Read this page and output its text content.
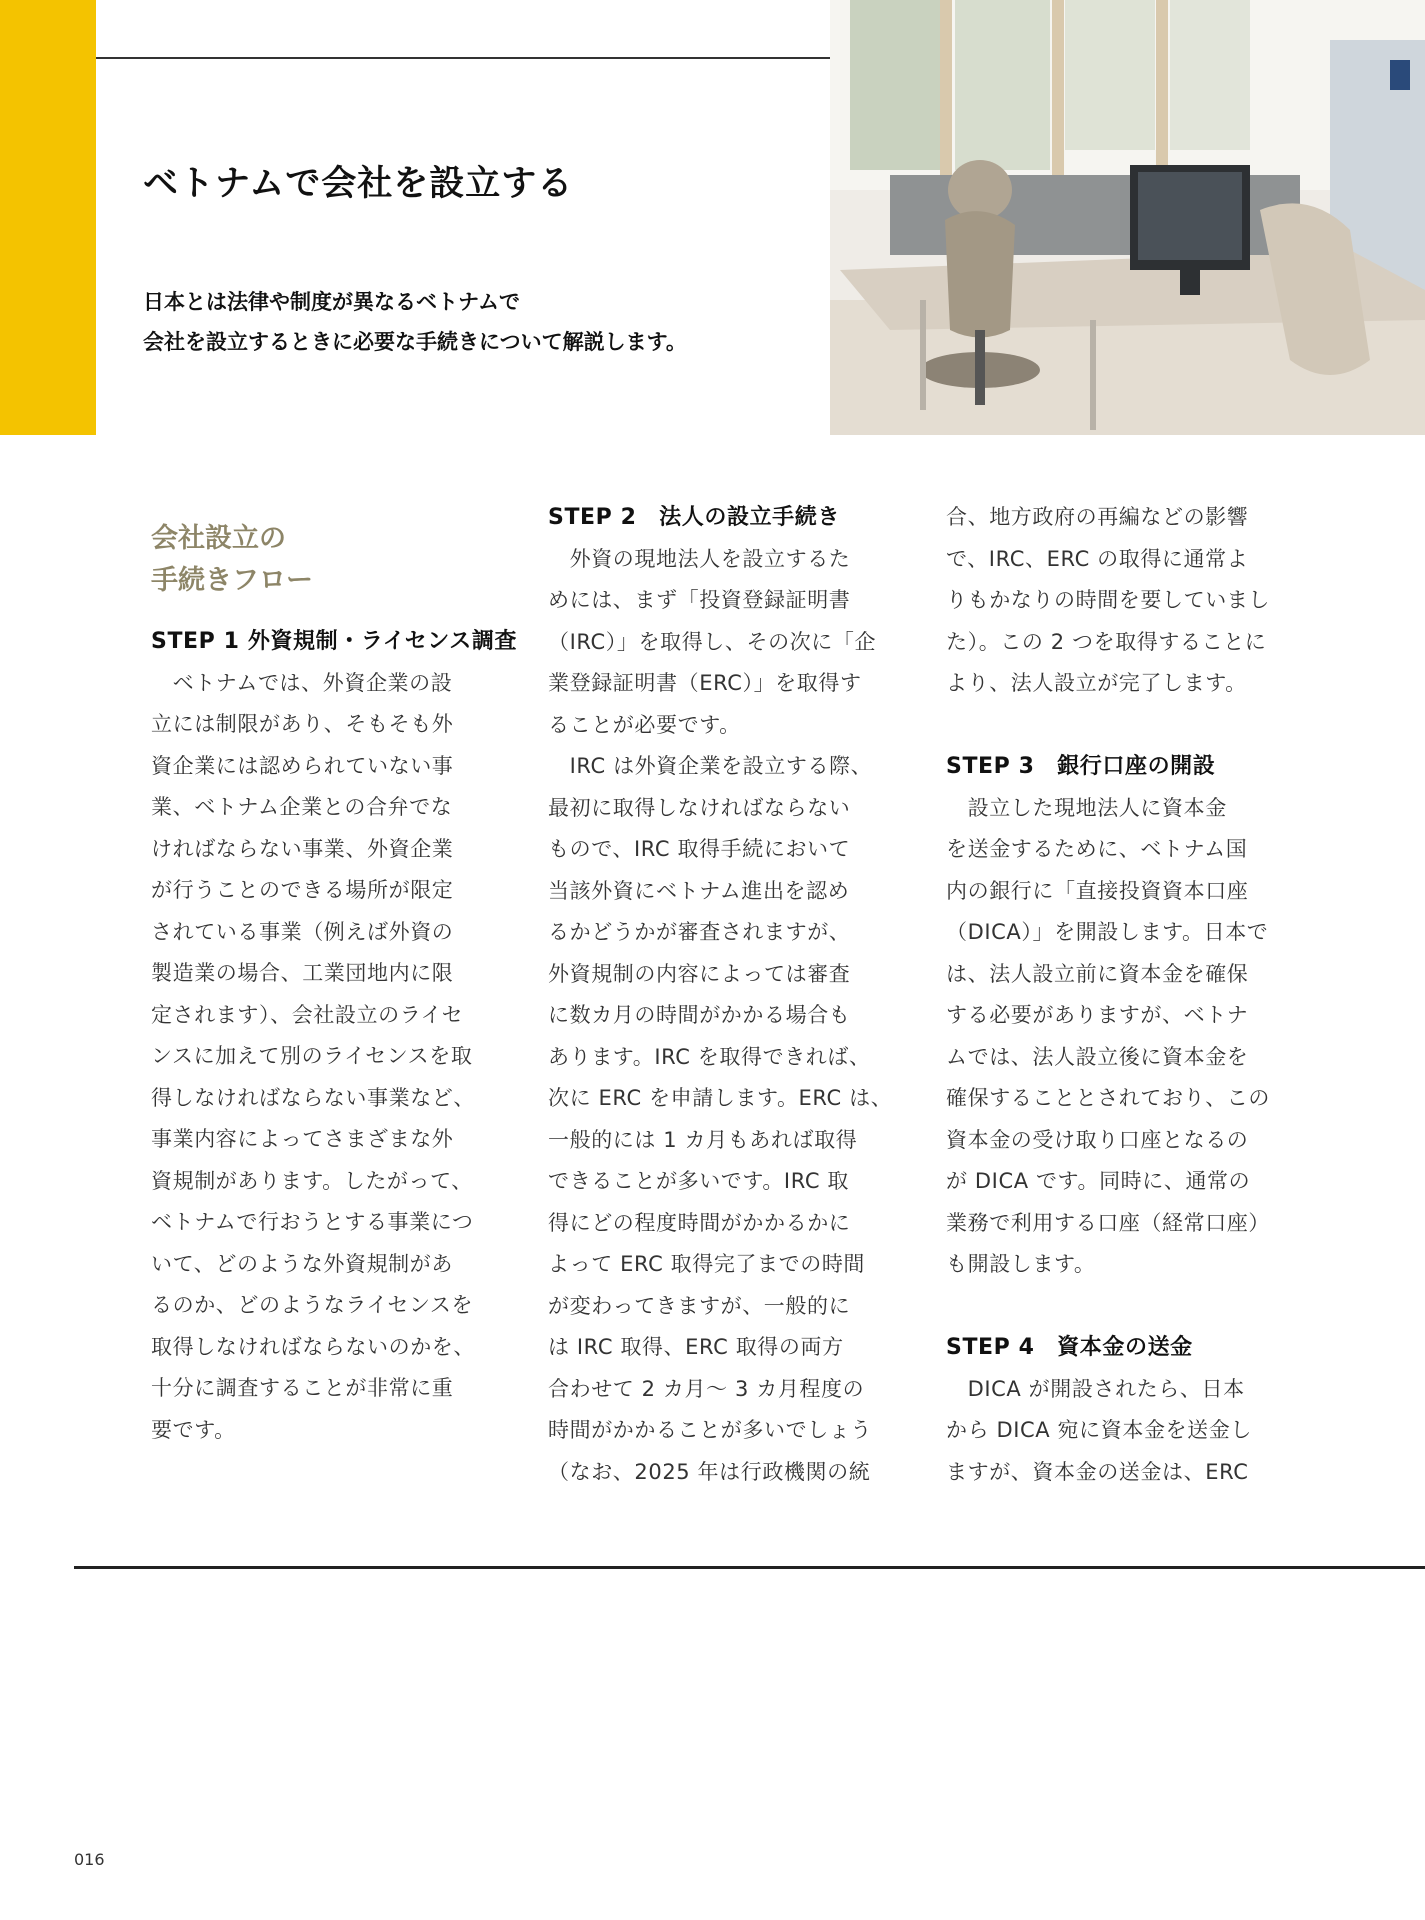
ベトナムで会社を設立する

日本とは法律や制度が異なるベトナムで
会社を設立するときに必要な手続きについて解説します。

会社設立の
手続きフロー
STEP 1 外資規制・ライセンス調査

　ベトナムでは、外資企業の設

立には制限があり、そもそも外

資企業には認められていない事

業、ベトナム企業との合弁でな

ければならない事業、外資企業

が行うことのできる場所が限定

されている事業（例えば外資の

製造業の場合、工業団地内に限

定されます）、会社設立のライセ

ンスに加えて別のライセンスを取

得しなければならない事業など、

事業内容によってさまざまな外

資規制があります。したがって、

ベトナムで行おうとする事業につ

いて、どのような外資規制があ

るのか、どのようなライセンスを

取得しなければならないのかを、

十分に調査することが非常に重

要です。

STEP 2　法人の設立手続き

　外資の現地法人を設立するた

めには、まず「投資登録証明書

（IRC）」を取得し、その次に「企

業登録証明書（ERC）」を取得す

ることが必要です。

　IRC は外資企業を設立する際、

最初に取得しなければならない

もので、IRC 取得手続において

当該外資にベトナム進出を認め

るかどうかが審査されますが、

外資規制の内容によっては審査

に数カ月の時間がかかる場合も

あります。IRC を取得できれば、

次に ERC を申請します。ERC は、

一般的には 1 カ月もあれば取得

できることが多いです。IRC 取

得にどの程度時間がかかるかに

よって ERC 取得完了までの時間

が変わってきますが、一般的に

は IRC 取得、ERC 取得の両方

合わせて 2 カ月～ 3 カ月程度の

時間がかかることが多いでしょう

（なお、2025 年は行政機関の統

合、地方政府の再編などの影響

で、IRC、ERC の取得に通常よ

りもかなりの時間を要していまし

た）。この 2 つを取得することに

より、法人設立が完了します。

STEP 3　銀行口座の開設

　設立した現地法人に資本金

を送金するために、ベトナム国

内の銀行に「直接投資資本口座

（DICA）」を開設します。日本で

は、法人設立前に資本金を確保

する必要がありますが、ベトナ

ムでは、法人設立後に資本金を

確保することとされており、この

資本金の受け取り口座となるの

が DICA です。同時に、通常の

業務で利用する口座（経常口座）

も開設します。

STEP 4　資本金の送金

　DICA が開設されたら、日本

から DICA 宛に資本金を送金し

ますが、資本金の送金は、ERC

016
